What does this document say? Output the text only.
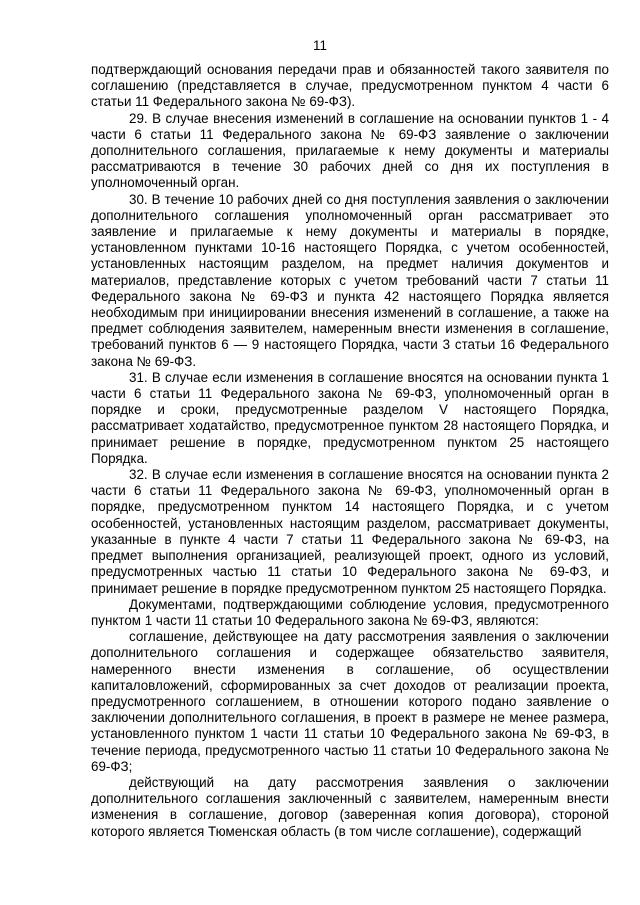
11

подтверждающий основания передачи прав и обязанностей такого заявителя по соглашению (представляется в случае, предусмотренном пунктом 4 части 6 статьи 11 Федерального закона № 69-ФЗ).

29. В случае внесения изменений в соглашение на основании пунктов 1 - 4 части 6 статьи 11 Федерального закона № 69-ФЗ заявление о заключении дополнительного соглашения, прилагаемые к нему документы и материалы рассматриваются в течение 30 рабочих дней со дня их поступления в уполномоченный орган.

30. В течение 10 рабочих дней со дня поступления заявления о заключении дополнительного соглашения уполномоченный орган рассматривает это заявление и прилагаемые к нему документы и материалы в порядке, установленном пунктами 10-16 настоящего Порядка, с учетом особенностей, установленных настоящим разделом, на предмет наличия документов и материалов, представление которых с учетом требований части 7 статьи 11 Федерального закона № 69-ФЗ и пункта 42 настоящего Порядка является необходимым при инициировании внесения изменений в соглашение, а также на предмет соблюдения заявителем, намеренным внести изменения в соглашение, требований пунктов 6 — 9 настоящего Порядка, части 3 статьи 16 Федерального закона № 69-ФЗ.

31. В случае если изменения в соглашение вносятся на основании пункта 1 части 6 статьи 11 Федерального закона № 69-ФЗ, уполномоченный орган в порядке и сроки, предусмотренные разделом V настоящего Порядка, рассматривает ходатайство, предусмотренное пунктом 28 настоящего Порядка, и принимает решение в порядке, предусмотренном пунктом 25 настоящего Порядка.

32. В случае если изменения в соглашение вносятся на основании пункта 2 части 6 статьи 11 Федерального закона № 69-ФЗ, уполномоченный орган в порядке, предусмотренном пунктом 14 настоящего Порядка, и с учетом особенностей, установленных настоящим разделом, рассматривает документы, указанные в пункте 4 части 7 статьи 11 Федерального закона № 69-ФЗ, на предмет выполнения организацией, реализующей проект, одного из условий, предусмотренных частью 11 статьи 10 Федерального закона № 69-ФЗ, и принимает решение в порядке предусмотренном пунктом 25 настоящего Порядка.

Документами, подтверждающими соблюдение условия, предусмотренного пунктом 1 части 11 статьи 10 Федерального закона № 69-ФЗ, являются:

соглашение, действующее на дату рассмотрения заявления о заключении дополнительного соглашения и содержащее обязательство заявителя, намеренного внести изменения в соглашение, об осуществлении капиталовложений, сформированных за счет доходов от реализации проекта, предусмотренного соглашением, в отношении которого подано заявление о заключении дополнительного соглашения, в проект в размере не менее размера, установленного пунктом 1 части 11 статьи 10 Федерального закона № 69-ФЗ, в течение периода, предусмотренного частью 11 статьи 10 Федерального закона № 69-ФЗ;

действующий на дату рассмотрения заявления о заключении дополнительного соглашения заключенный с заявителем, намеренным внести изменения в соглашение, договор (заверенная копия договора), стороной которого является Тюменская область (в том числе соглашение), содержащий
